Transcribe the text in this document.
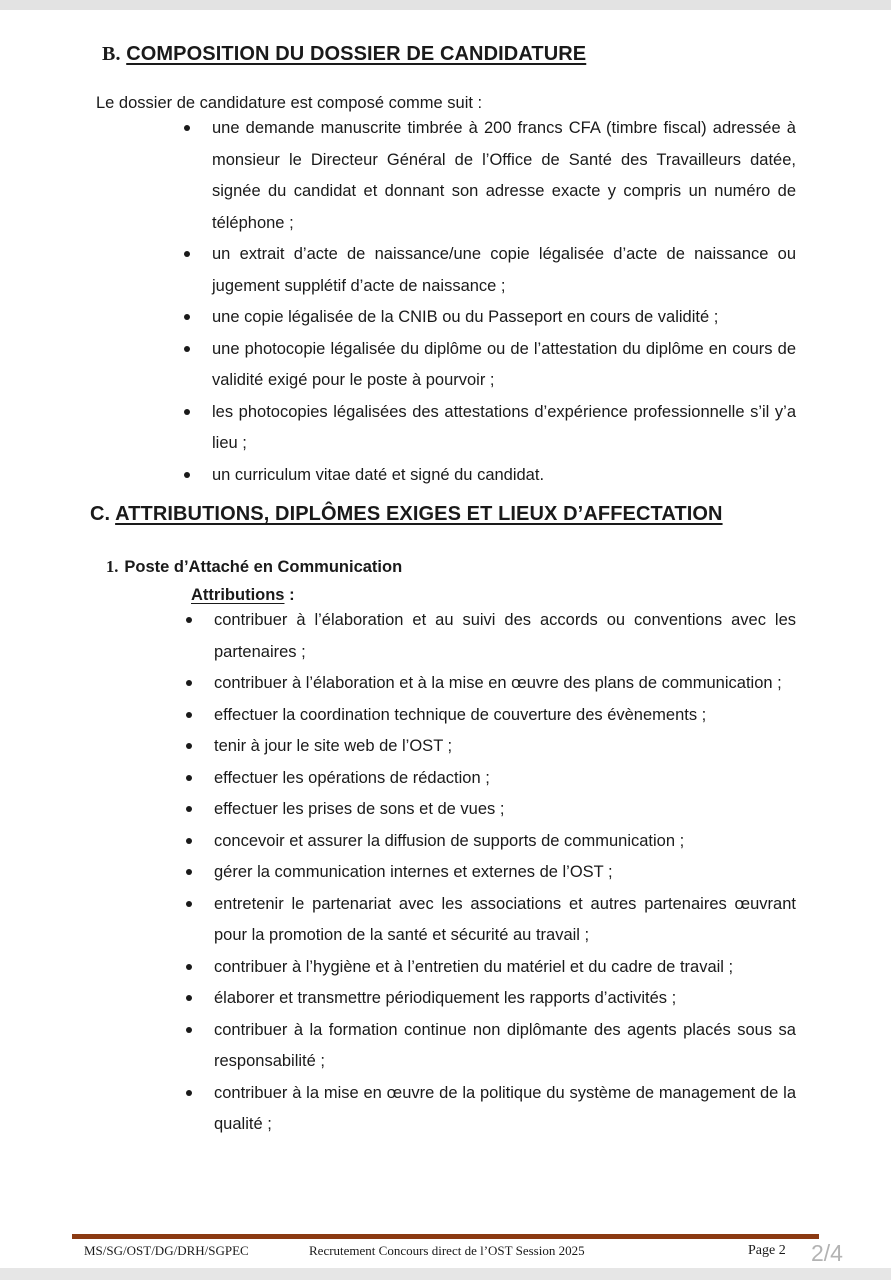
B. COMPOSITION DU DOSSIER DE CANDIDATURE
Le dossier de candidature est composé comme suit :
une demande manuscrite timbrée à 200 francs CFA (timbre fiscal) adressée à monsieur le Directeur Général de l’Office de Santé des Travailleurs datée, signée du candidat et donnant son adresse exacte y compris un numéro de téléphone ;
un extrait d’acte de naissance/une copie légalisée d’acte de naissance ou jugement supplétif d’acte de naissance ;
une copie légalisée de la CNIB ou du Passeport en cours de validité ;
une photocopie légalisée du diplôme ou de l’attestation du diplôme en cours de validité exigé pour le poste à pourvoir ;
les photocopies légalisées des attestations d’expérience professionnelle s’il y’a lieu ;
un curriculum vitae daté et signé du candidat.
C. ATTRIBUTIONS, DIPLÔMES EXIGES ET LIEUX D’AFFECTATION
1. Poste d’Attaché en Communication
Attributions :
contribuer à l’élaboration et au suivi des accords ou conventions avec les partenaires ;
contribuer à l’élaboration et à la mise en œuvre des plans de communication ;
effectuer la coordination technique de couverture des évènements ;
tenir à jour le site web de l’OST ;
effectuer les opérations de rédaction ;
effectuer les prises de sons et de vues ;
concevoir et assurer la diffusion de supports de communication ;
gérer la communication internes et externes de l’OST ;
entretenir le partenariat avec les associations et autres partenaires œuvrant pour la promotion de la santé et sécurité au travail ;
contribuer à l’hygiène et à l’entretien du matériel et du cadre de travail ;
élaborer et transmettre périodiquement les rapports d’activités ;
contribuer à la formation continue non diplômante des agents placés sous sa responsabilité ;
contribuer à la mise en œuvre de la politique du système de management de la qualité ;
MS/SG/OST/DG/DRH/SGPEC	Recrutement Concours direct de l’OST Session 2025	Page 2 2/4
